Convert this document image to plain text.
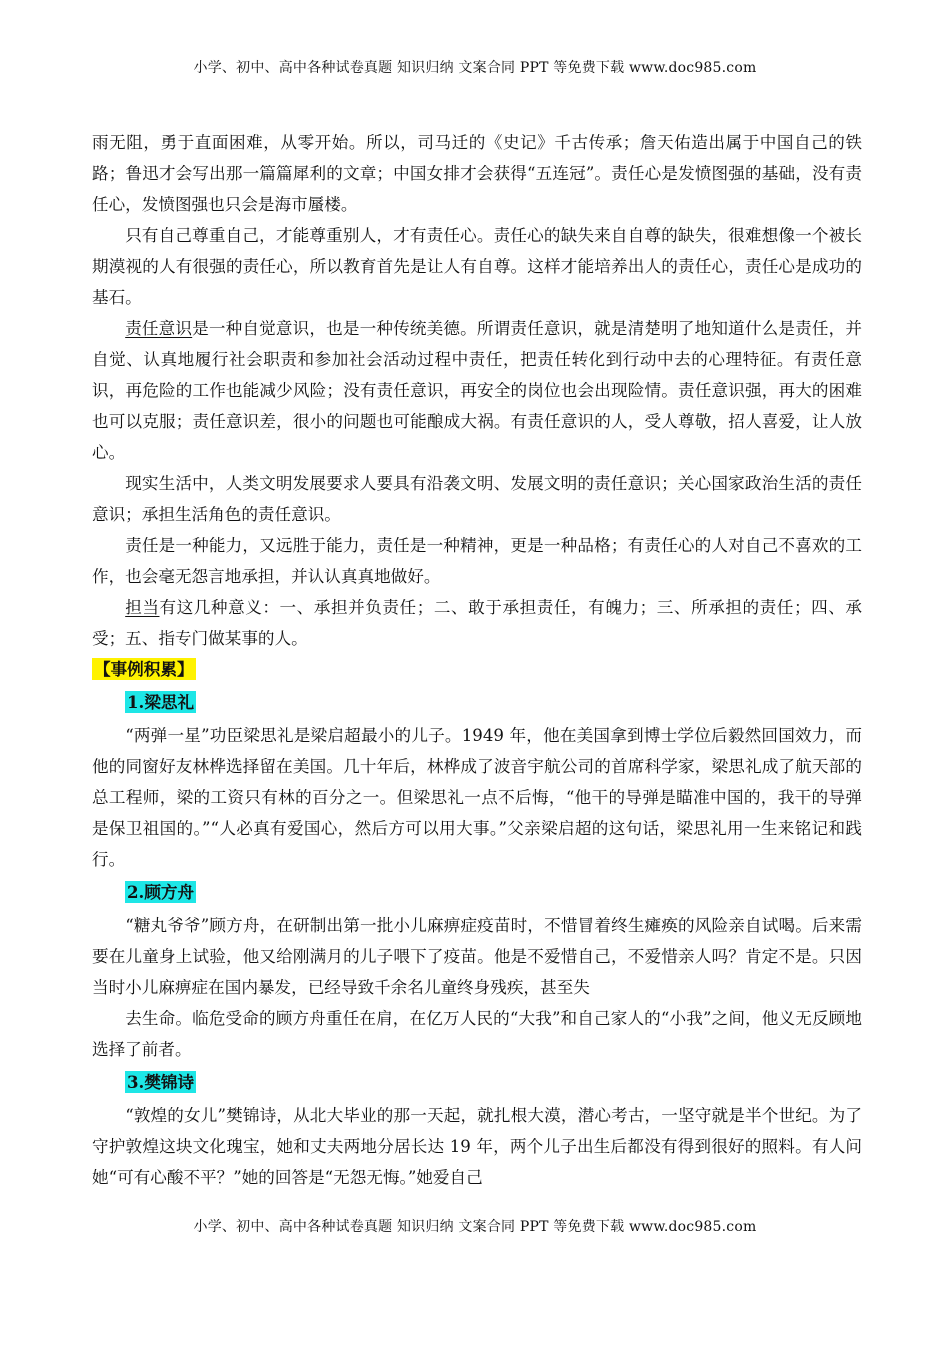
小学、初中、高中各种试卷真题 知识归纳 文案合同 PPT 等免费下载 www.doc985.com

雨无阻，勇于直面困难，从零开始。所以，司马迁的《史记》千古传承；詹天佑造出属于中国自己的铁路；鲁迅才会写出那一篇篇犀利的文章；中国女排才会获得“五连冠”。责任心是发愤图强的基础，没有责任心，发愤图强也只会是海市蜃楼。

只有自己尊重自己，才能尊重别人，才有责任心。责任心的缺失来自自尊的缺失，很难想像一个被长期漠视的人有很强的责任心，所以教育首先是让人有自尊。这样才能培养出人的责任心，责任心是成功的基石。

责任意识是一种自觉意识，也是一种传统美德。所谓责任意识，就是清楚明了地知道什么是责任，并自觉、认真地履行社会职责和参加社会活动过程中责任，把责任转化到行动中去的心理特征。有责任意识，再危险的工作也能减少风险；没有责任意识，再安全的岗位也会出现险情。责任意识强，再大的困难也可以克服；责任意识差，很小的问题也可能酿成大祸。有责任意识的人，受人尊敬，招人喜爱，让人放心。

现实生活中，人类文明发展要求人要具有沿袭文明、发展文明的责任意识；关心国家政治生活的责任意识；承担生活角色的责任意识。

责任是一种能力，又远胜于能力，责任是一种精神，更是一种品格；有责任心的人对自己不喜欢的工作，也会毫无怨言地承担，并认认真真地做好。

担当有这几种意义：一、承担并负责任；二、敢于承担责任，有魄力；三、所承担的责任；四、承受；五、指专门做某事的人。

【事例积累】
1.梁思礼

“两弹一星”功臣梁思礼是梁启超最小的儿子。1949 年，他在美国拿到博士学位后毅然回国效力，而他的同窗好友林桦选择留在美国。几十年后，林桦成了波音宇航公司的首席科学家，梁思礼成了航天部的总工程师，梁的工资只有林的百分之一。但梁思礼一点不后悔，“他干的导弹是瞄准中国的，我干的导弹是保卫祖国的。”“人必真有爱国心，然后方可以用大事。”父亲梁启超的这句话，梁思礼用一生来铭记和践行。

2.顾方舟

“糖丸爷爷”顾方舟，在研制出第一批小儿麻痹症疫苗时，不惜冒着终生瘫痪的风险亲自试喝。后来需要在儿童身上试验，他又给刚满月的儿子喂下了疫苗。他是不爱惜自己，不爱惜亲人吗？肯定不是。只因当时小儿麻痹症在国内暴发，已经导致千余名儿童终身残疾，甚至失

去生命。临危受命的顾方舟重任在肩，在亿万人民的“大我”和自己家人的“小我”之间，他义无反顾地选择了前者。

3.樊锦诗

“敦煌的女儿”樊锦诗，从北大毕业的那一天起，就扎根大漠，潜心考古，一坚守就是半个世纪。为了守护敦煌这块文化瑰宝，她和丈夫两地分居长达 19 年，两个儿子出生后都没有得到很好的照料。有人问她“可有心酸不平？”她的回答是“无怨无悔。”她爱自己

小学、初中、高中各种试卷真题 知识归纳 文案合同 PPT 等免费下载 www.doc985.com
